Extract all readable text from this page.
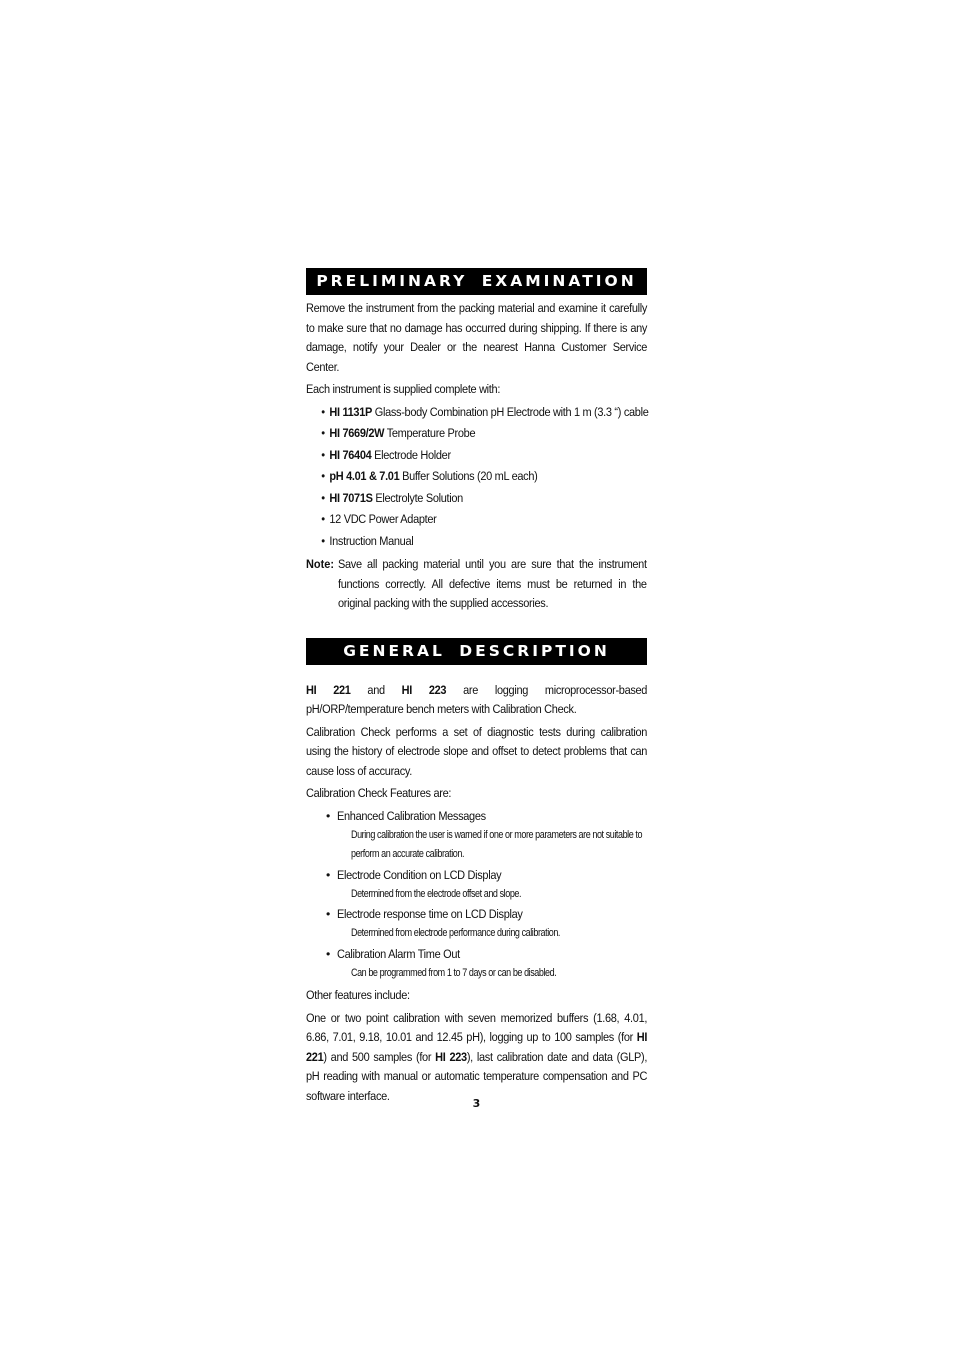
PRELIMINARY EXAMINATION

Remove the instrument from the packing material and examine it carefully to make sure that no damage has occurred during shipping. If there is any damage, notify your Dealer or the nearest Hanna Customer Service Center.

Each instrument is supplied complete with:

• HI 1131P Glass-body Combination pH Electrode with 1 m (3.3 “) cable
• HI 7669/2W Temperature Probe
• HI 76404 Electrode Holder
• pH 4.01 & 7.01 Buffer Solutions (20 mL each)
• HI 7071S Electrolyte Solution
• 12 VDC Power Adapter
• Instruction Manual
Note: Save all packing material until you are sure that the instrument functions correctly. All defective items must be returned in the original packing with the supplied accessories.
GENERAL DESCRIPTION

HI 221 and HI 223 are logging microprocessor-based pH/ORP/temperature bench meters with Calibration Check.

Calibration Check performs a set of diagnostic tests during calibration using the history of electrode slope and offset to detect problems that can cause loss of accuracy.

Calibration Check Features are:

• Enhanced Calibration Messages
During calibration the user is warned if one or more parameters are not suitable to perform an accurate calibration.
• Electrode Condition on LCD Display
Determined from the electrode offset and slope.
• Electrode response time on LCD Display
Determined from electrode performance during calibration.
• Calibration Alarm Time Out
Can be programmed from 1 to 7 days or can be disabled.

Other features include:

One or two point calibration with seven memorized buffers (1.68, 4.01, 6.86, 7.01, 9.18, 10.01 and 12.45 pH), logging up to 100 samples (for HI 221) and 500 samples (for HI 223), last calibration date and data (GLP), pH reading with manual or automatic temperature compensation and PC software interface.

3
